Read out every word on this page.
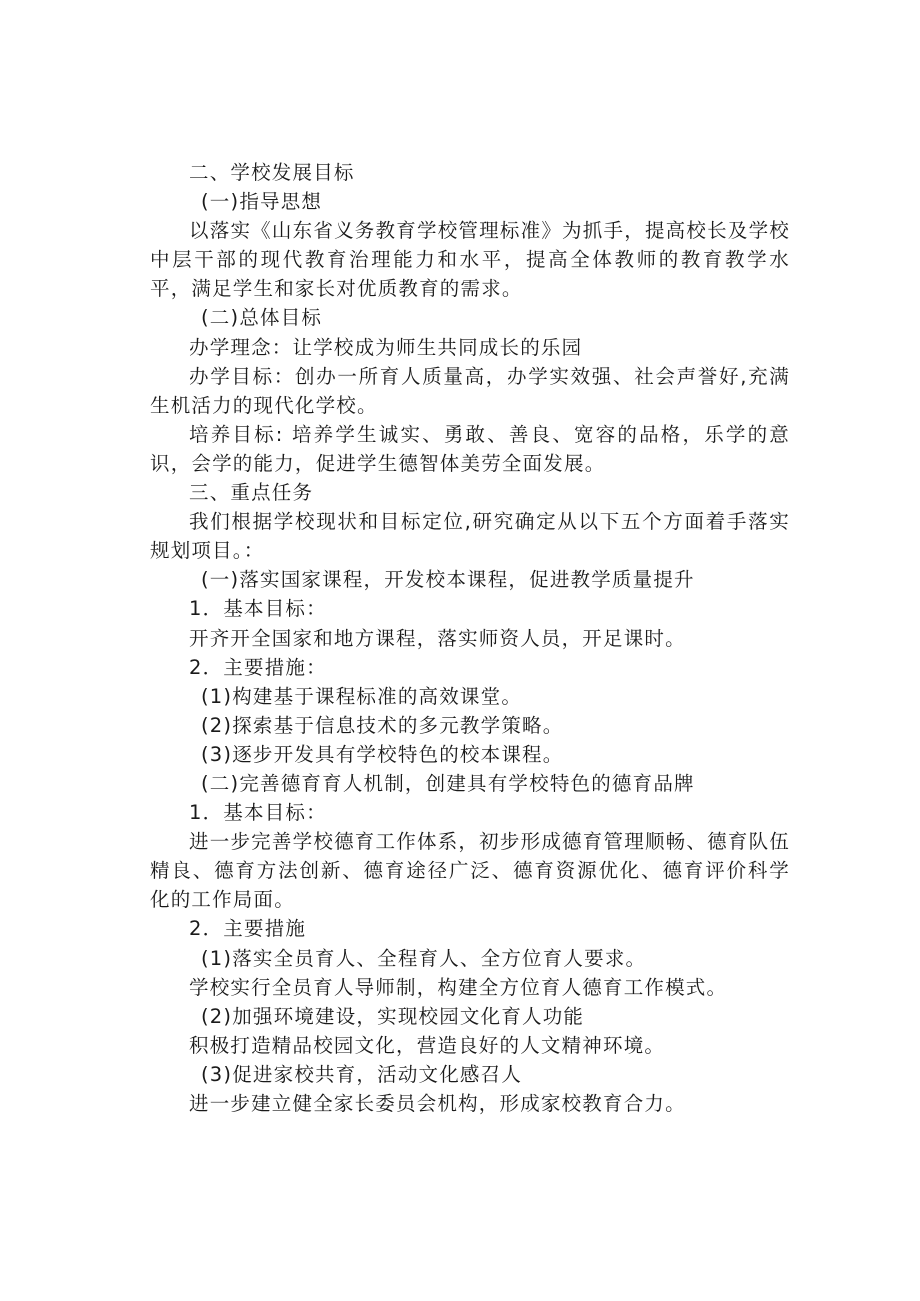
二、学校发展目标
(一)指导思想
以落实《山东省义务教育学校管理标准》为抓手，提高校长及学校中层干部的现代教育治理能力和水平，提高全体教师的教育教学水平，满足学生和家长对优质教育的需求。
(二)总体目标
办学理念：让学校成为师生共同成长的乐园
办学目标：创办一所育人质量高，办学实效强、社会声誉好,充满生机活力的现代化学校。
培养目标: 培养学生诚实、勇敢、善良、宽容的品格，乐学的意识，会学的能力，促进学生德智体美劳全面发展。
三、重点任务
我们根据学校现状和目标定位,研究确定从以下五个方面着手落实规划项目。：
(一)落实国家课程，开发校本课程，促进教学质量提升
1．基本目标：
开齐开全国家和地方课程，落实师资人员，开足课时。
2．主要措施：
(1)构建基于课程标准的高效课堂。
(2)探索基于信息技术的多元教学策略。
(3)逐步开发具有学校特色的校本课程。
(二)完善德育育人机制，创建具有学校特色的德育品牌
1．基本目标：
进一步完善学校德育工作体系，初步形成德育管理顺畅、德育队伍精良、德育方法创新、德育途径广泛、德育资源优化、德育评价科学化的工作局面。
2．主要措施
(1)落实全员育人、全程育人、全方位育人要求。
学校实行全员育人导师制，构建全方位育人德育工作模式。
(2)加强环境建设，实现校园文化育人功能
积极打造精品校园文化，营造良好的人文精神环境。
(3)促进家校共育，活动文化感召人
进一步建立健全家长委员会机构，形成家校教育合力。
